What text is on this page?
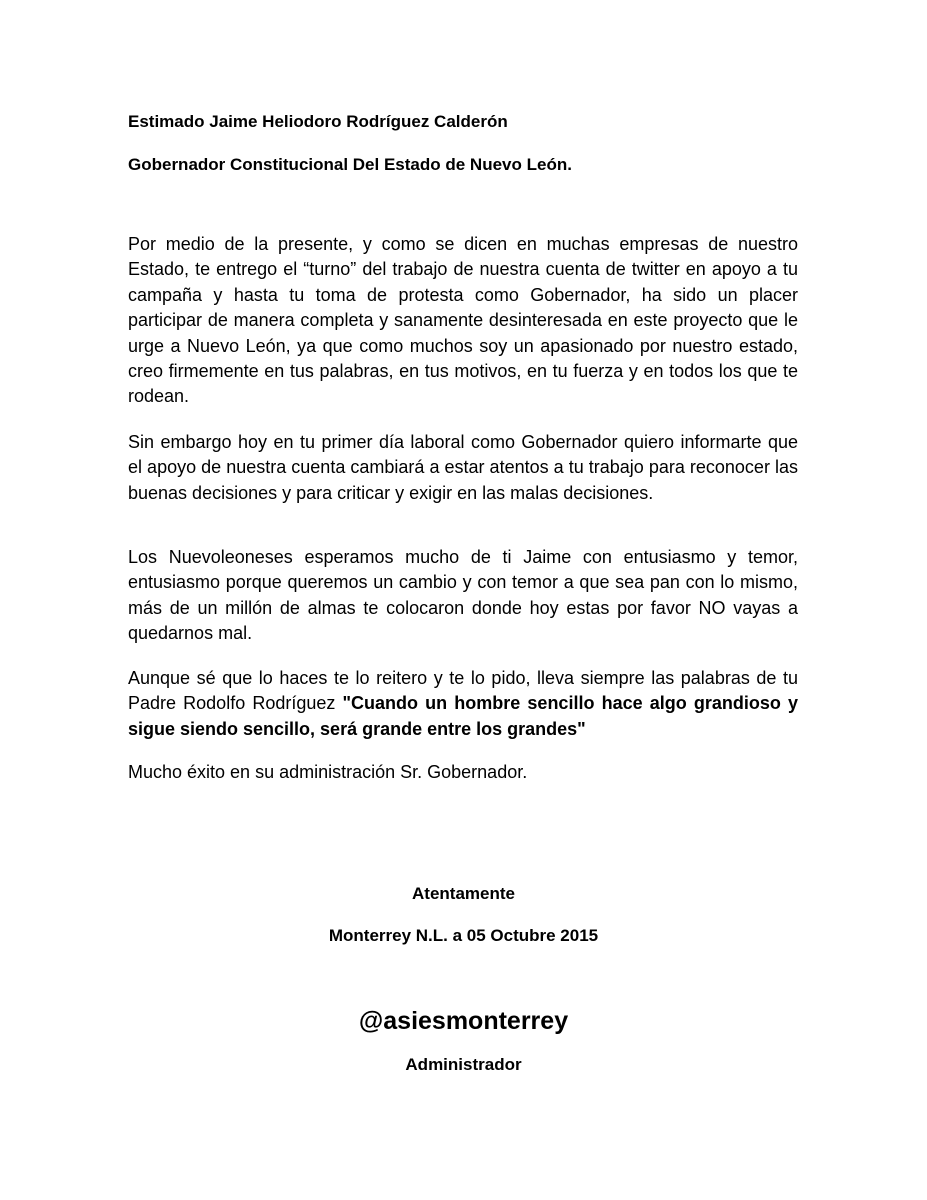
Estimado Jaime Heliodoro Rodríguez Calderón
Gobernador Constitucional Del Estado de Nuevo León.
Por medio de la presente, y como se dicen en muchas empresas de nuestro Estado, te entrego el “turno” del trabajo de nuestra cuenta de twitter en apoyo a tu campaña y hasta tu toma de protesta como Gobernador, ha sido un placer participar de manera completa y sanamente desinteresada en este proyecto que le urge a Nuevo León, ya que como muchos soy un apasionado por nuestro estado, creo firmemente en tus palabras, en tus motivos, en tu fuerza y en todos los que te rodean.
Sin embargo hoy en tu primer día laboral como Gobernador quiero informarte que el apoyo de nuestra cuenta cambiará a estar atentos a tu trabajo para reconocer las buenas decisiones y para criticar y exigir en las malas decisiones.
Los Nuevoleoneses esperamos mucho de ti Jaime con entusiasmo y temor, entusiasmo porque queremos un cambio y con temor a que sea pan con lo mismo, más de un millón de almas te colocaron donde hoy estas por favor NO vayas a quedarnos mal.
Aunque sé que lo haces te lo reitero y te lo pido, lleva siempre las palabras de tu Padre Rodolfo Rodríguez "Cuando un hombre sencillo hace algo grandioso y sigue siendo sencillo, será grande entre los grandes"
Mucho éxito en su administración Sr. Gobernador.
Atentamente
Monterrey N.L. a 05 Octubre 2015
@asiesmonterrey
Administrador
